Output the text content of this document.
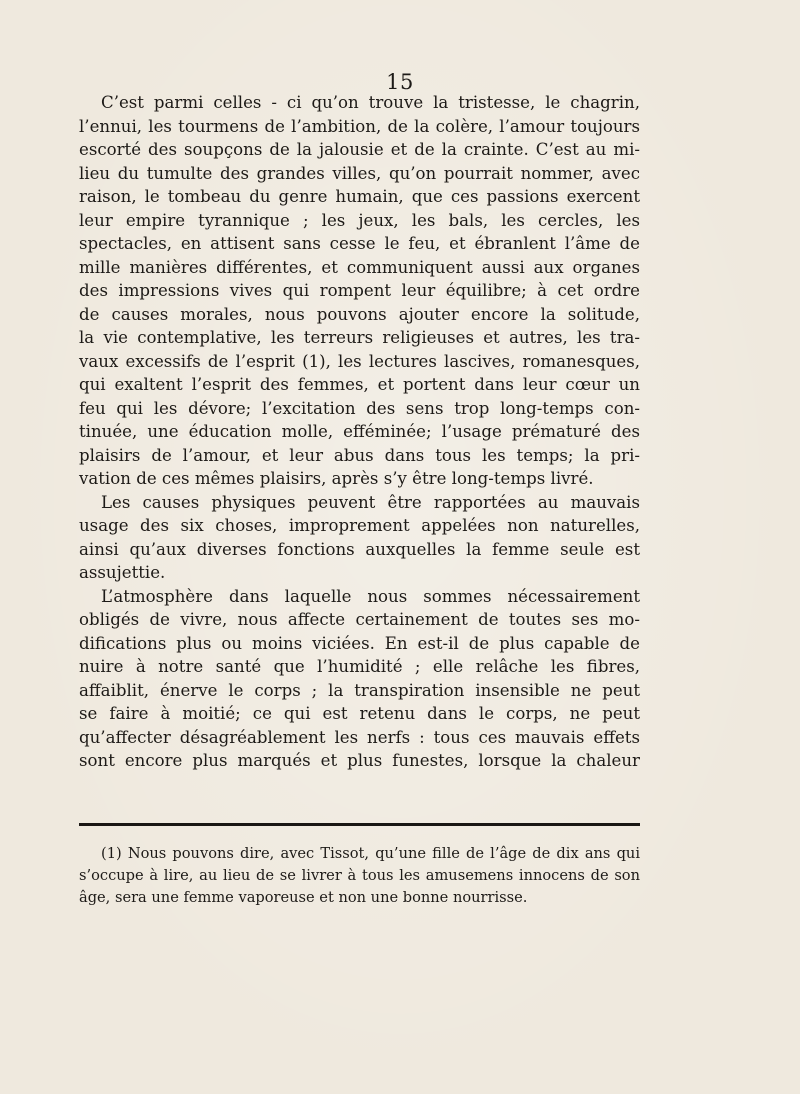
15
C’est parmi celles - ci qu’on trouve la tristesse, le chagrin,
l’ennui, les tourmens de l’ambition, de la colère, l’amour toujours
escorté des soupçons de la jalousie et de la crainte. C’est au mi-
lieu du tumulte des grandes villes, qu’on pourrait nommer, avec
raison, le tombeau du genre humain, que ces passions exercent
leur empire tyrannique ; les jeux, les bals, les cercles, les
spectacles, en attisent sans cesse le feu, et ébranlent l’âme de
mille manières différentes, et communiquent aussi aux organes
des impressions vives qui rompent leur équilibre; à cet ordre
de causes morales, nous pouvons ajouter encore la solitude,
la vie contemplative, les terreurs religieuses et autres, les tra-
vaux excessifs de l’esprit (1), les lectures lascives, romanesques,
qui exaltent l’esprit des femmes, et portent dans leur cœur un
feu qui les dévore; l’excitation des sens trop long-temps con-
tinuée, une éducation molle, efféminée; l’usage prématuré des
plaisirs de l’amour, et leur abus dans tous les temps; la pri-
vation de ces mêmes plaisirs, après s’y être long-temps livré.
Les causes physiques peuvent être rapportées au mauvais
usage des six choses, improprement appelées non naturelles,
ainsi qu’aux diverses fonctions auxquelles la femme seule est
assujettie.
L’atmosphère dans laquelle nous sommes nécessairement
obligés de vivre, nous affecte certainement de toutes ses mo-
difications plus ou moins viciées. En est-il de plus capable de
nuire à notre santé que l’humidité ; elle relâche les fibres,
affaiblit, énerve le corps ; la transpiration insensible ne peut
se faire à moitié; ce qui est retenu dans le corps, ne peut
qu’affecter désagréablement les nerfs : tous ces mauvais effets
sont encore plus marqués et plus funestes, lorsque la chaleur
(1) Nous pouvons dire, avec Tissot, qu’une fille de l’âge de dix ans qui
s’occupe à lire, au lieu de se livrer à tous les amusemens innocens de son
âge, sera une femme vaporeuse et non une bonne nourrisse.
